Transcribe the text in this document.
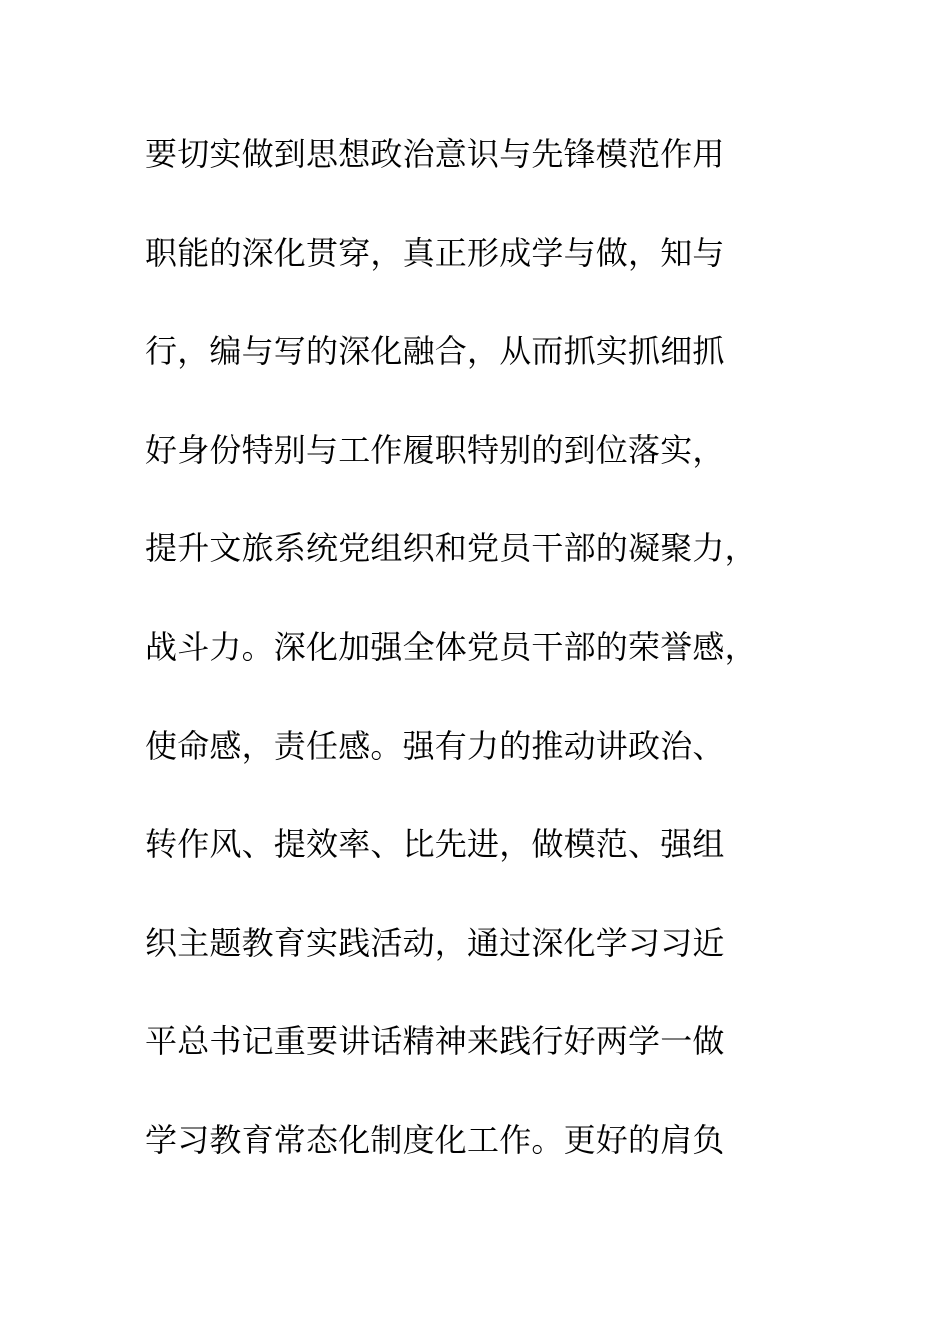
要切实做到思想政治意识与先锋模范作用
职能的深化贯穿，真正形成学与做，知与
行，编与写的深化融合，从而抓实抓细抓
好身份特别与工作履职特别的到位落实，
提升文旅系统党组织和党员干部的凝聚力，
战斗力。深化加强全体党员干部的荣誉感，
使命感，责任感。强有力的推动讲政治、
转作风、提效率、比先进，做模范、强组
织主题教育实践活动，通过深化学习习近
平总书记重要讲话精神来践行好两学一做
学习教育常态化制度化工作。更好的肩负
